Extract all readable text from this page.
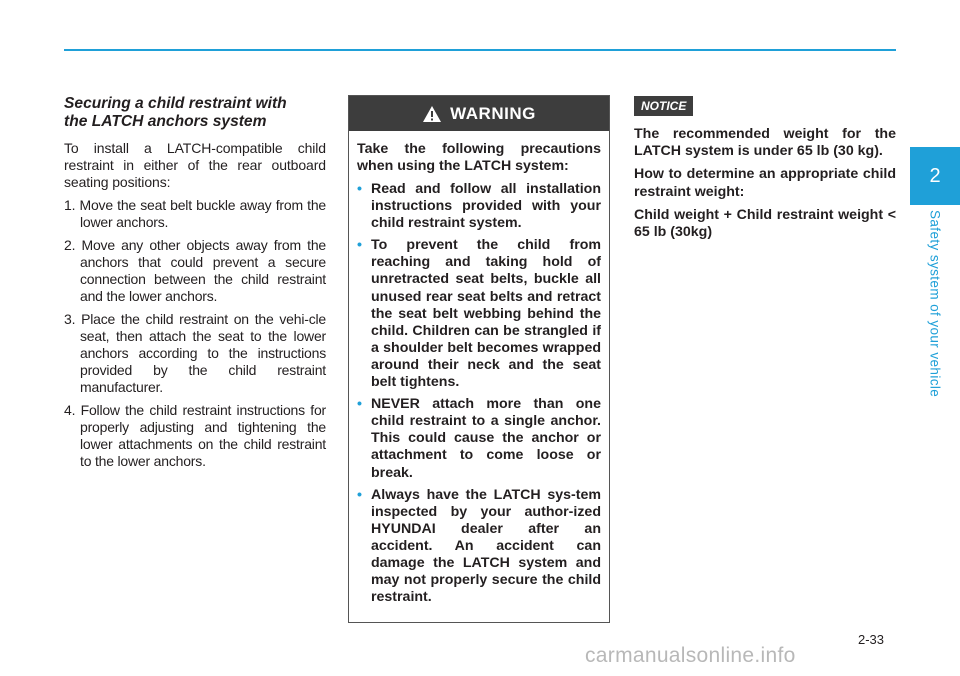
Securing a child restraint with
the LATCH anchors system

To install a LATCH-compatible child restraint in either of the rear outboard seating positions:

1. Move the seat belt buckle away from the lower anchors.
2. Move any other objects away from the anchors that could prevent a secure connection between the child restraint and the lower anchors.
3. Place the child restraint on the vehi-cle seat, then attach the seat to the lower anchors according to the instructions provided by the child restraint manufacturer.
4. Follow the child restraint instructions for properly adjusting and tightening the lower attachments on the child restraint to the lower anchors.
WARNING

Take the following precautions when using the LATCH system:

• Read and follow all installation instructions provided with your child restraint system.
• To prevent the child from reaching and taking hold of unretracted seat belts, buckle all unused rear seat belts and retract the seat belt webbing behind the child. Children can be strangled if a shoulder belt becomes wrapped around their neck and the seat belt tightens.
• NEVER attach more than one child restraint to a single anchor. This could cause the anchor or attachment to come loose or break.
• Always have the LATCH sys-tem inspected by your author-ized HYUNDAI dealer after an accident. An accident can damage the LATCH system and may not properly secure the child restraint.
NOTICE

The recommended weight for the LATCH system is under 65 lb (30 kg).

How to determine an appropriate child restraint weight:

Child weight + Child restraint weight < 65 lb (30kg)

2
Safety system of your vehicle
2-33
carmanualsonline.info
